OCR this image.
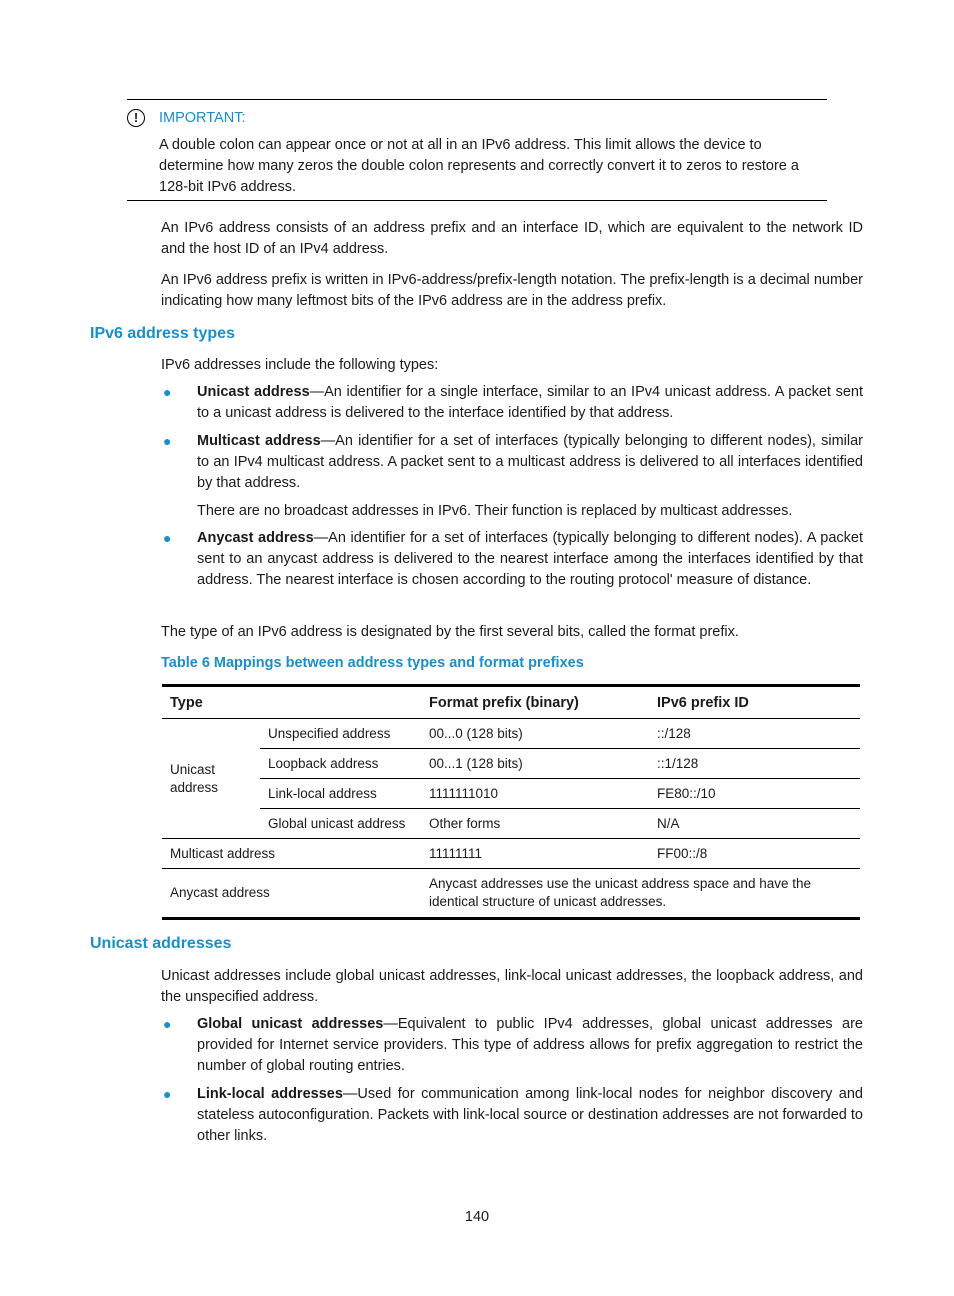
!	IMPORTANT:
A double colon can appear once or not at all in an IPv6 address. This limit allows the device to determine how many zeros the double colon represents and correctly convert it to zeros to restore a 128-bit IPv6 address.
An IPv6 address consists of an address prefix and an interface ID, which are equivalent to the network ID and the host ID of an IPv4 address.
An IPv6 address prefix is written in IPv6-address/prefix-length notation. The prefix-length is a decimal number indicating how many leftmost bits of the IPv6 address are in the address prefix.
IPv6 address types
IPv6 addresses include the following types:
● Unicast address—An identifier for a single interface, similar to an IPv4 unicast address. A packet sent to a unicast address is delivered to the interface identified by that address.
● Multicast address—An identifier for a set of interfaces (typically belonging to different nodes), similar to an IPv4 multicast address. A packet sent to a multicast address is delivered to all interfaces identified by that address.
There are no broadcast addresses in IPv6. Their function is replaced by multicast addresses.
● Anycast address—An identifier for a set of interfaces (typically belonging to different nodes). A packet sent to an anycast address is delivered to the nearest interface among the interfaces identified by that address. The nearest interface is chosen according to the routing protocol' measure of distance.
The type of an IPv6 address is designated by the first several bits, called the format prefix.
Table 6 Mappings between address types and format prefixes
Type		Format prefix (binary)	IPv6 prefix ID
Unicast address	Unspecified address	00...0 (128 bits)	::/128
	Loopback address	00...1 (128 bits)	::1/128
	Link-local address	1111111010	FE80::/10
	Global unicast address	Other forms	N/A
Multicast address		11111111	FF00::/8
Anycast address		Anycast addresses use the unicast address space and have the identical structure of unicast addresses.	
Unicast addresses
Unicast addresses include global unicast addresses, link-local unicast addresses, the loopback address, and the unspecified address.
● Global unicast addresses—Equivalent to public IPv4 addresses, global unicast addresses are provided for Internet service providers. This type of address allows for prefix aggregation to restrict the number of global routing entries.
● Link-local addresses—Used for communication among link-local nodes for neighbor discovery and stateless autoconfiguration. Packets with link-local source or destination addresses are not forwarded to other links.
140
